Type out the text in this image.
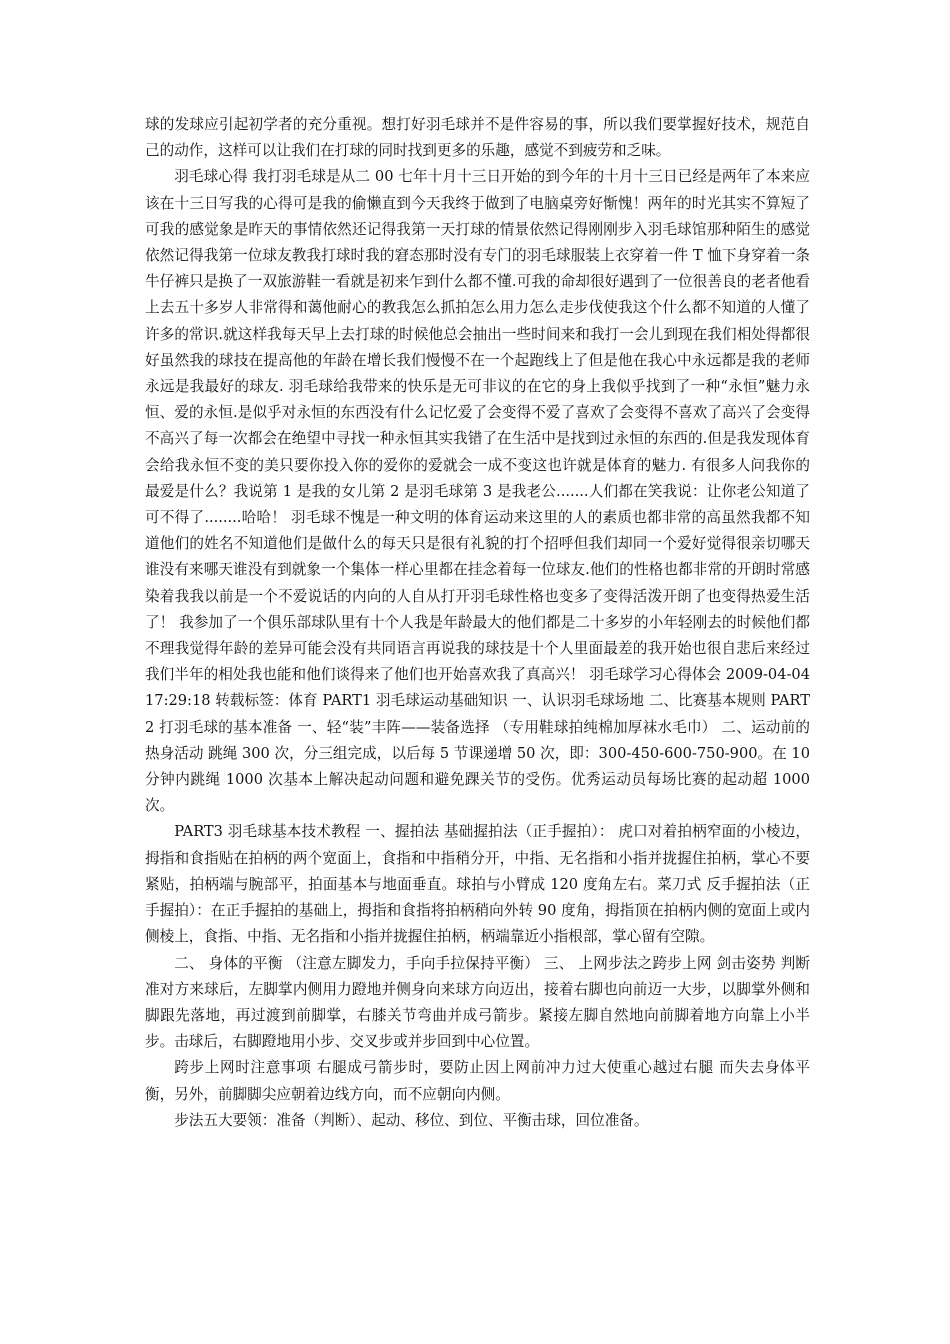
球的发球应引起初学者的充分重视。想打好羽毛球并不是件容易的事，所以我们要掌握好技术，规范自己的动作，这样可以让我们在打球的同时找到更多的乐趣，感觉不到疲劳和乏味。

羽毛球心得 我打羽毛球是从二 00 七年十月十三日开始的到今年的十月十三日已经是两年了本来应该在十三日写我的心得可是我的偷懒直到今天我终于做到了电脑桌旁好惭愧！两年的时光其实不算短了可我的感觉象是昨天的事情依然还记得我第一天打球的情景依然记得刚刚步入羽毛球馆那种陌生的感觉依然记得我第一位球友教我打球时我的窘态那时没有专门的羽毛球服装上衣穿着一件 T 恤下身穿着一条牛仔裤只是换了一双旅游鞋一看就是初来乍到什么都不懂.可我的命却很好遇到了一位很善良的老者他看上去五十多岁人非常得和蔼他耐心的教我怎么抓拍怎么用力怎么走步伐使我这个什么都不知道的人懂了许多的常识.就这样我每天早上去打球的时候他总会抽出一些时间来和我打一会儿到现在我们相处得都很好虽然我的球技在提高他的年龄在增长我们慢慢不在一个起跑线上了但是他在我心中永远都是我的老师永远是我最好的球友. 羽毛球给我带来的快乐是无可非议的在它的身上我似乎找到了一种“永恒”魅力永恒、爱的永恒.是似乎对永恒的东西没有什么记忆爱了会变得不爱了喜欢了会变得不喜欢了高兴了会变得不高兴了每一次都会在绝望中寻找一种永恒其实我错了在生活中是找到过永恒的东西的.但是我发现体育会给我永恒不变的美只要你投入你的爱你的爱就会一成不变这也许就是体育的魅力. 有很多人问我你的最爱是什么？我说第 1 是我的女儿第 2 是羽毛球第 3 是我老公.......人们都在笑我说：让你老公知道了可不得了........哈哈！ 羽毛球不愧是一种文明的体育运动来这里的人的素质也都非常的高虽然我都不知道他们的姓名不知道他们是做什么的每天只是很有礼貌的打个招呼但我们却同一个爱好觉得很亲切哪天谁没有来哪天谁没有到就象一个集体一样心里都在挂念着每一位球友.他们的性格也都非常的开朗时常感染着我我以前是一个不爱说话的内向的人自从打开羽毛球性格也变多了变得活泼开朗了也变得热爱生活了！ 我参加了一个俱乐部球队里有十个人我是年龄最大的他们都是二十多岁的小年轻刚去的时候他们都不理我觉得年龄的差异可能会没有共同语言再说我的球技是十个人里面最差的我开始也很自悲后来经过我们半年的相处我也能和他们谈得来了他们也开始喜欢我了真高兴！ 羽毛球学习心得体会 2009-04-04 17:29:18 转载标签：体育 PART1 羽毛球运动基础知识 一、认识羽毛球场地 二、比赛基本规则 PART2 打羽毛球的基本准备 一、轻“装”丰阵——装备选择 （专用鞋球拍纯棉加厚袜水毛巾） 二、运动前的热身活动 跳绳 300 次，分三组完成，以后每 5 节课递增 50 次，即：300-450-600-750-900。在 10 分钟内跳绳 1000 次基本上解决起动问题和避免踝关节的受伤。优秀运动员每场比赛的起动超 1000 次。

PART3 羽毛球基本技术教程 一、握拍法 基础握拍法（正手握拍）： 虎口对着拍柄窄面的小棱边，拇指和食指贴在拍柄的两个宽面上，食指和中指稍分开，中指、无名指和小指并拢握住拍柄，掌心不要紧贴，拍柄端与腕部平，拍面基本与地面垂直。球拍与小臂成 120 度角左右。菜刀式 反手握拍法（正手握拍）：在正手握拍的基础上，拇指和食指将拍柄稍向外转 90 度角，拇指顶在拍柄内侧的宽面上或内侧棱上，食指、中指、无名指和小指并拢握住拍柄，柄端靠近小指根部，掌心留有空隙。

二、 身体的平衡 （注意左脚发力，手向手拉保持平衡） 三、 上网步法之跨步上网 剑击姿势 判断准对方来球后，左脚掌内侧用力蹬地并侧身向来球方向迈出，接着右脚也向前迈一大步，以脚掌外侧和脚跟先落地，再过渡到前脚掌，右膝关节弯曲并成弓箭步。紧接左脚自然地向前脚着地方向靠上小半步。击球后，右脚蹬地用小步、交叉步或并步回到中心位置。

跨步上网时注意事项 右腿成弓箭步时，要防止因上网前冲力过大使重心越过右腿 而失去身体平衡，另外，前脚脚尖应朝着边线方向，而不应朝向内侧。

步法五大要领：准备（判断）、起动、移位、到位、平衡击球，回位准备。
